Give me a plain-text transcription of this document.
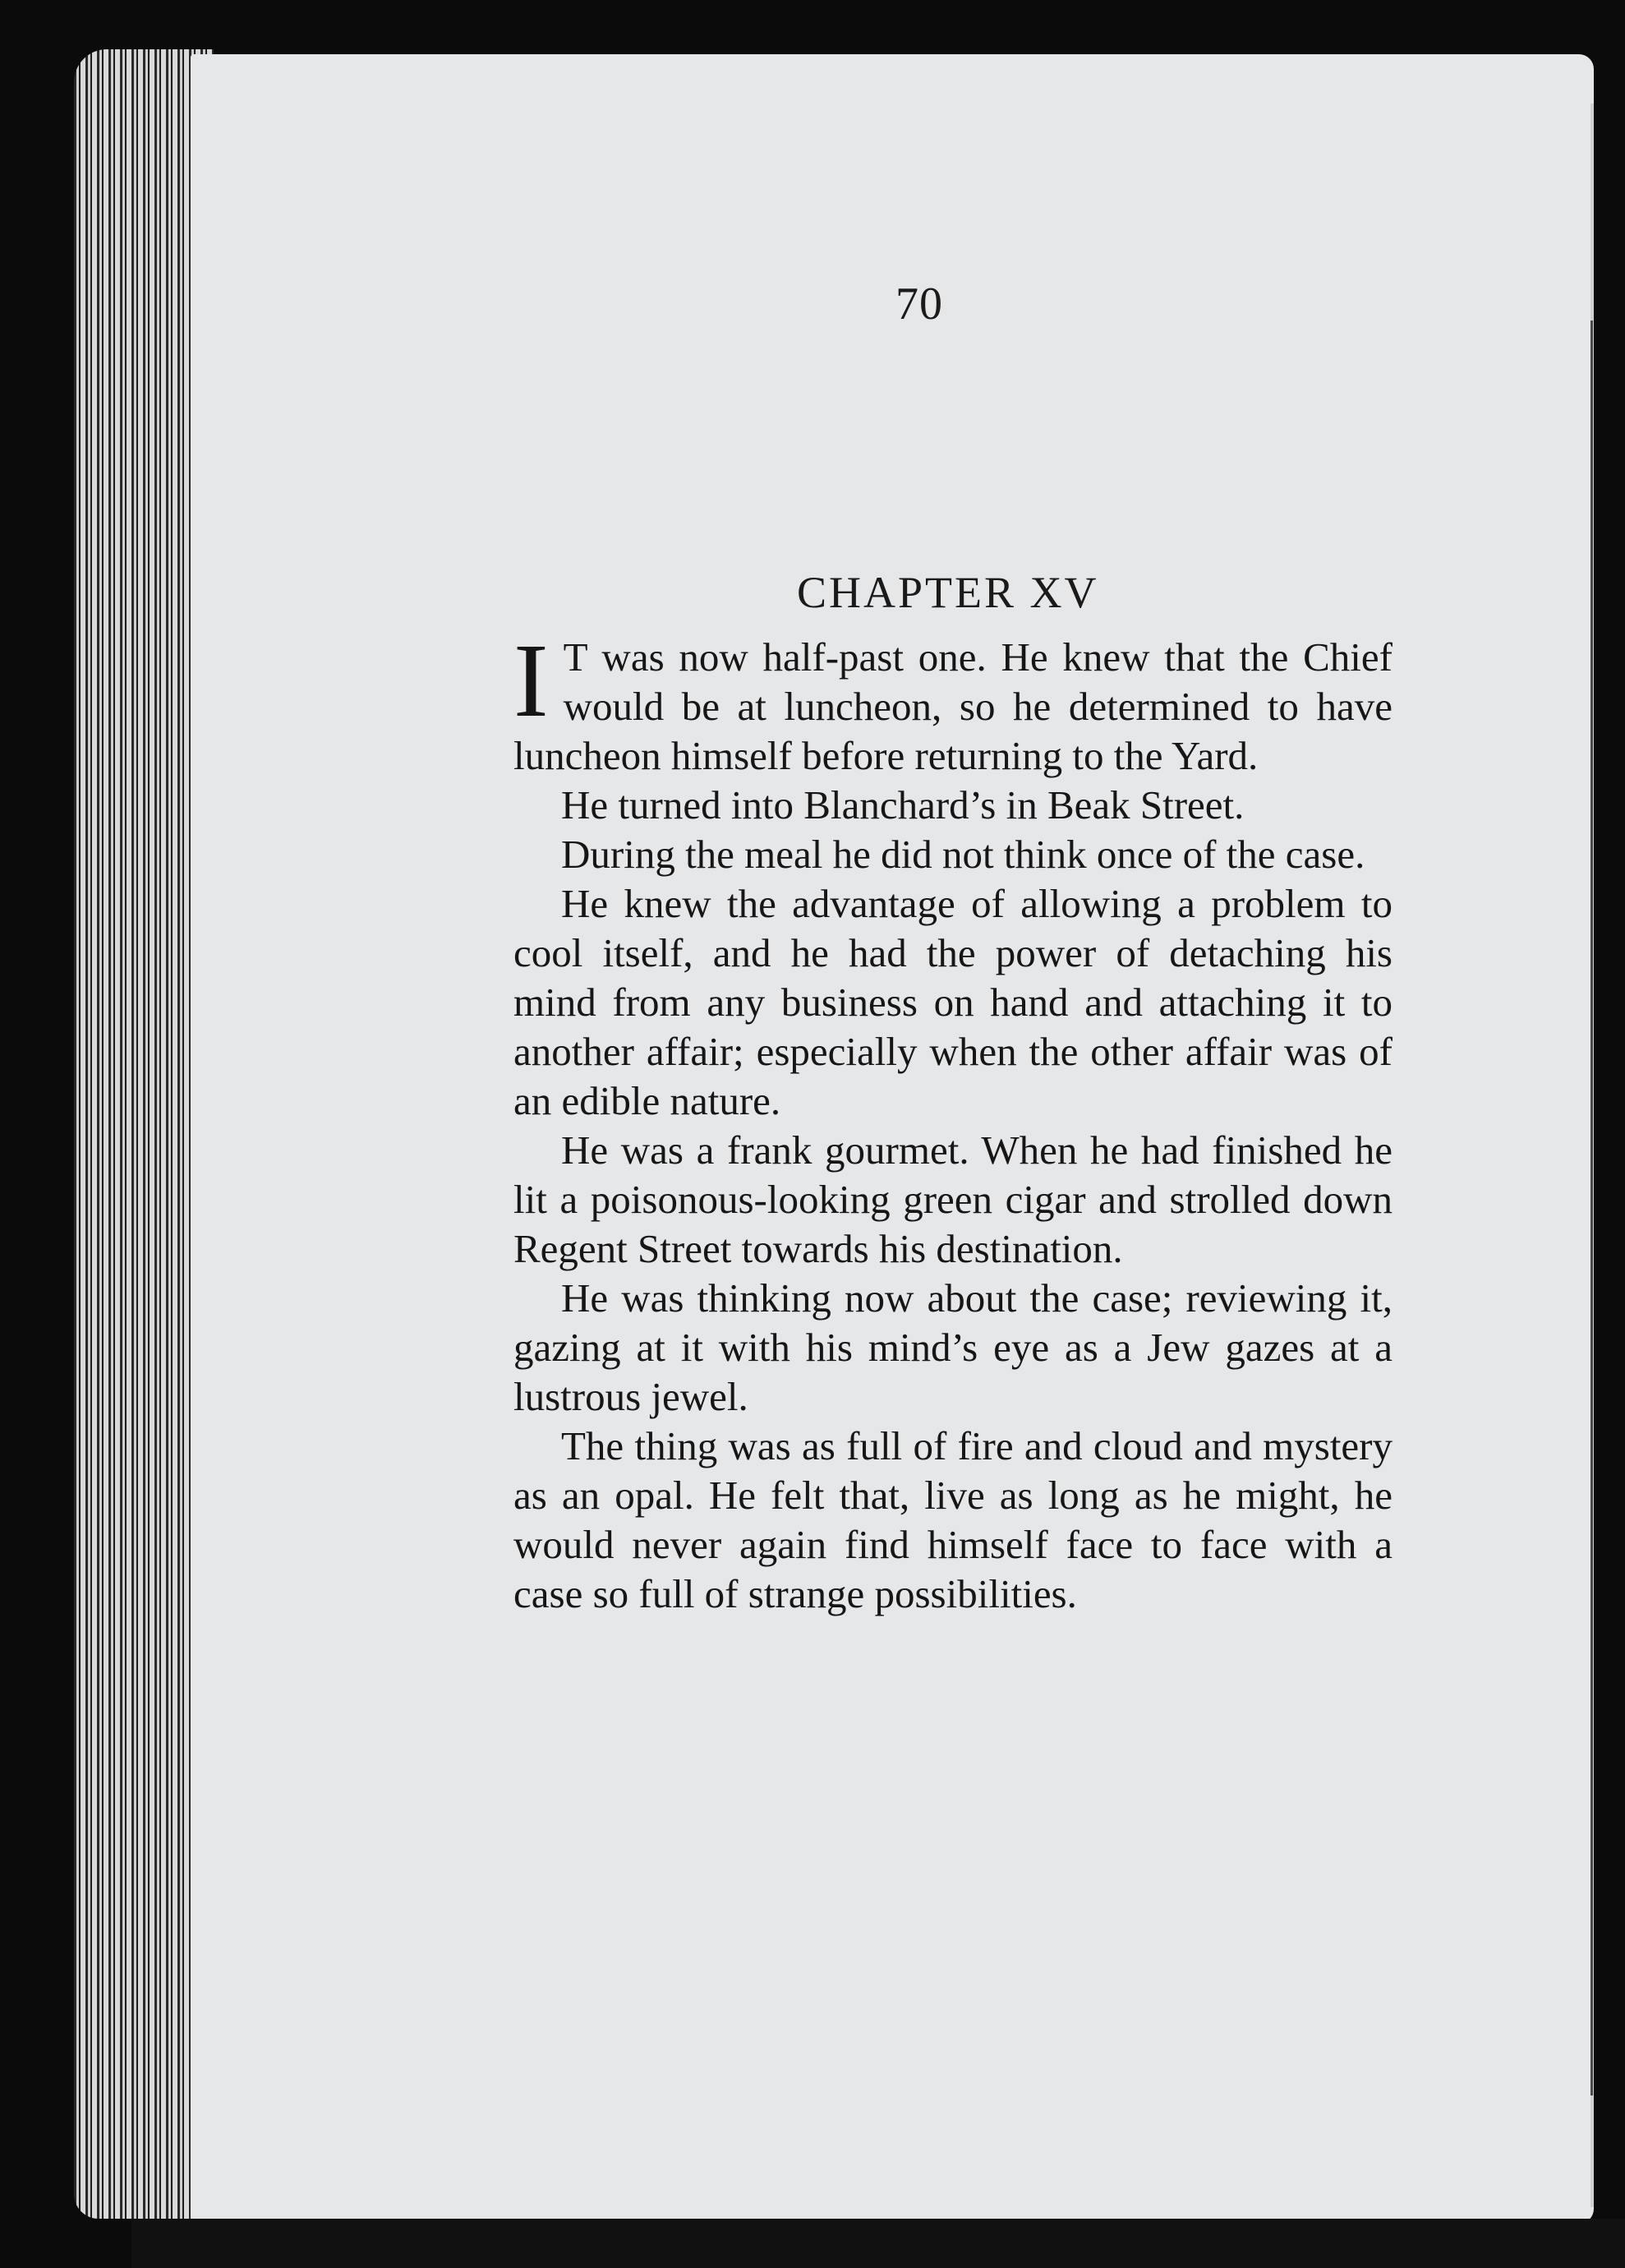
70
CHAPTER XV

I T was now half-past one. He knew that the Chief would be at luncheon, so he determined to have luncheon himself before returning to the Yard.

He turned into Blanchard’s in Beak Street.

During the meal he did not think once of the case.

He knew the advantage of allowing a problem to cool itself, and he had the power of detaching his mind from any business on hand and attaching it to another affair; especially when the other affair was of an edible nature.

He was a frank gourmet. When he had finished he lit a poisonous-looking green cigar and strolled down Regent Street towards his destination.

He was thinking now about the case; reviewing it, gazing at it with his mind’s eye as a Jew gazes at a lustrous jewel.

The thing was as full of fire and cloud and mystery as an opal. He felt that, live as long as he might, he would never again find himself face to face with a case so full of strange possibilities.
